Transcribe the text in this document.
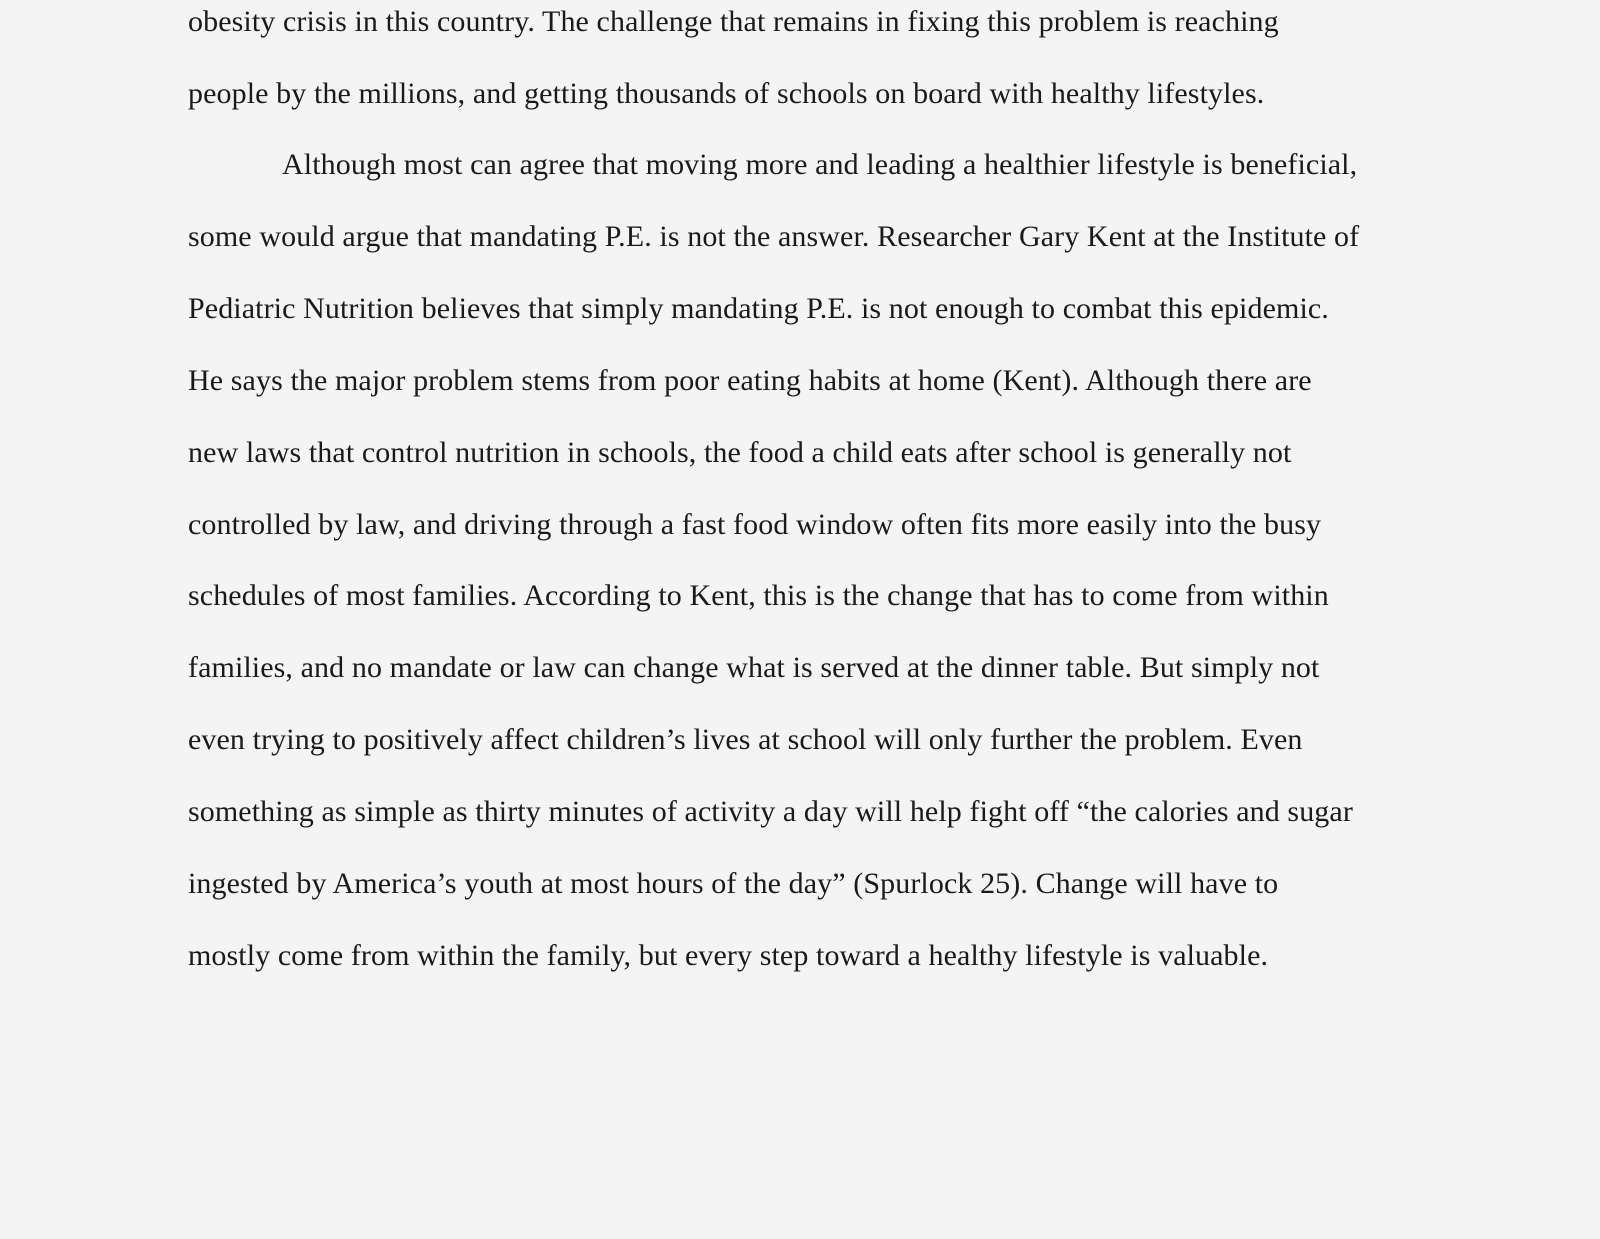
obesity crisis in this country. The challenge that remains in fixing this problem is reaching

people by the millions, and getting thousands of schools on board with healthy lifestyles.

Although most can agree that moving more and leading a healthier lifestyle is beneficial,

some would argue that mandating P.E. is not the answer. Researcher Gary Kent at the Institute of

Pediatric Nutrition believes that simply mandating P.E. is not enough to combat this epidemic.

He says the major problem stems from poor eating habits at home (Kent). Although there are

new laws that control nutrition in schools, the food a child eats after school is generally not

controlled by law, and driving through a fast food window often fits more easily into the busy

schedules of most families. According to Kent, this is the change that has to come from within

families, and no mandate or law can change what is served at the dinner table. But simply not

even trying to positively affect children’s lives at school will only further the problem. Even

something as simple as thirty minutes of activity a day will help fight off “the calories and sugar

ingested by America’s youth at most hours of the day” (Spurlock 25). Change will have to

mostly come from within the family, but every step toward a healthy lifestyle is valuable.
